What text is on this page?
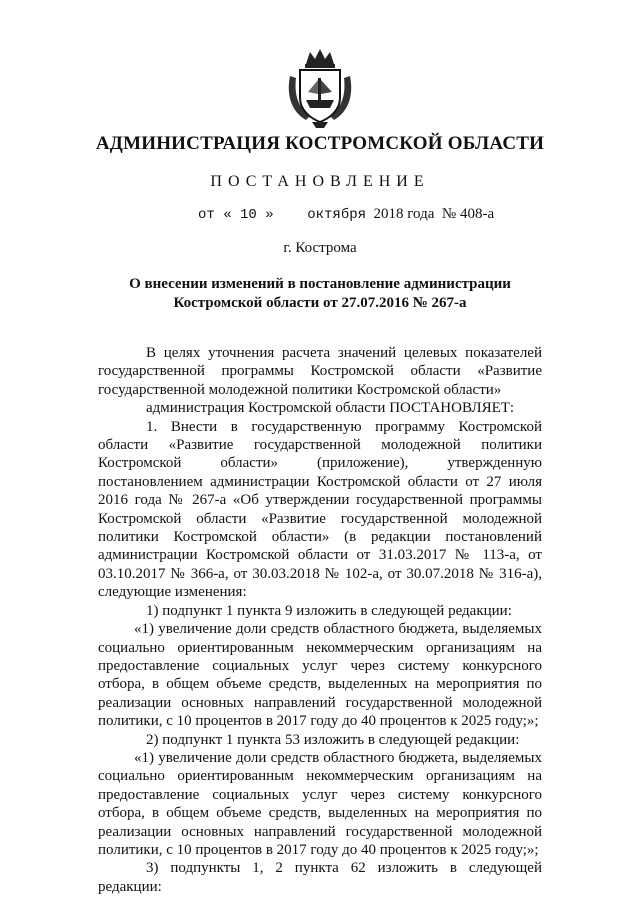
АДМИНИСТРАЦИЯ КОСТРОМСКОЙ ОБЛАСТИ
ПОСТАНОВЛЕНИЕ
от « 10 »    октября  2018 года  № 408-а
г. Кострома
О внесении изменений в постановление администрации
Костромской области от 27.07.2016 № 267-а

В целях уточнения расчета значений целевых показателей государственной программы Костромской области «Развитие государственной молодежной политики Костромской области»

администрация Костромской области ПОСТАНОВЛЯЕТ:

1. Внести в государственную программу Костромской области «Развитие государственной молодежной политики Костромской области» (приложение), утвержденную постановлением администрации Костромской области от 27 июля 2016 года № 267-а «Об утверждении государственной программы Костромской области «Развитие государственной молодежной политики Костромской области» (в редакции постановлений администрации Костромской области от 31.03.2017 № 113-а, от 03.10.2017 № 366-а, от 30.03.2018 № 102-а, от 30.07.2018 № 316-а), следующие изменения:

1) подпункт 1 пункта 9 изложить в следующей редакции:

«1) увеличение доли средств областного бюджета, выделяемых социально ориентированным некоммерческим организациям на предоставление социальных услуг через систему конкурсного отбора, в общем объеме средств, выделенных на мероприятия по реализации основных направлений государственной молодежной политики, с 10 процентов в 2017 году до 40 процентов к 2025 году;»;

2) подпункт 1 пункта 53 изложить в следующей редакции:

«1) увеличение доли средств областного бюджета, выделяемых социально ориентированным некоммерческим организациям на предоставление социальных услуг через систему конкурсного отбора, в общем объеме средств, выделенных на мероприятия по реализации основных направлений государственной молодежной политики, с 10 процентов в 2017 году до 40 процентов к 2025 году;»;

3) подпункты 1, 2 пункта 62 изложить в следующей редакции:
